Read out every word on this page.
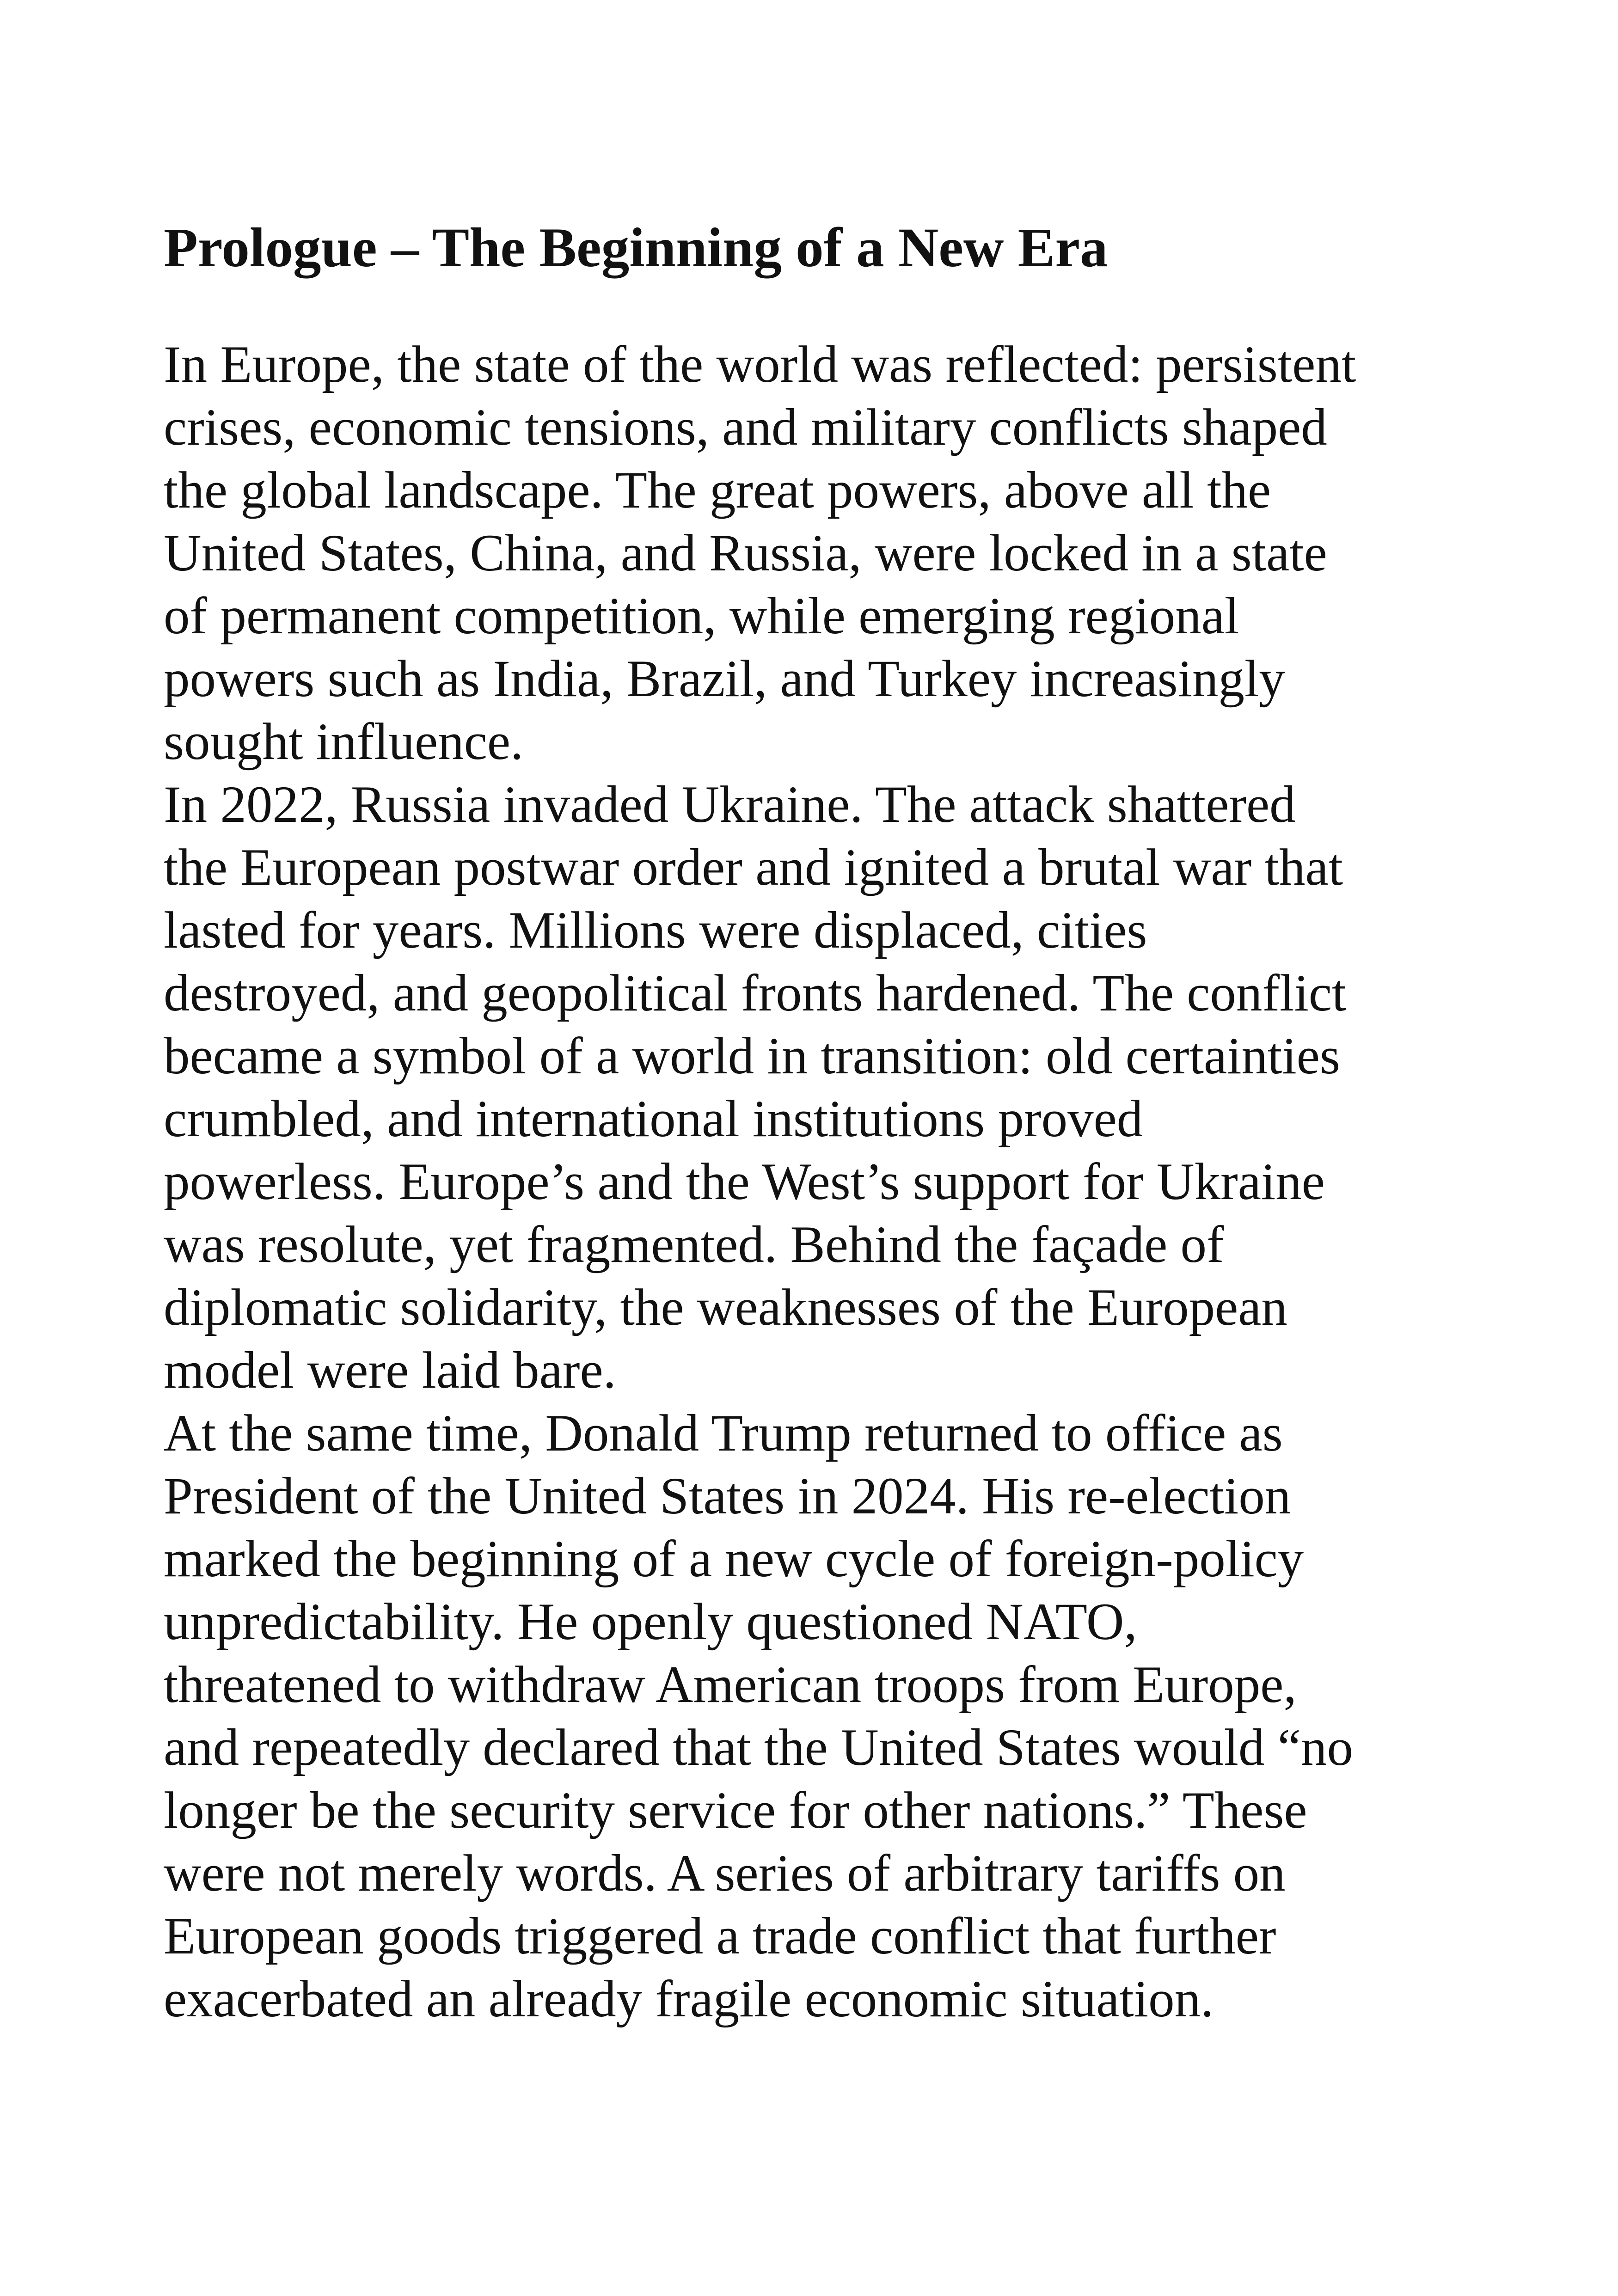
Prologue – The Beginning of a New Era

In Europe, the state of the world was reflected: persistent
crises, economic tensions, and military conflicts shaped
the global landscape. The great powers, above all the
United States, China, and Russia, were locked in a state
of permanent competition, while emerging regional
powers such as India, Brazil, and Turkey increasingly
sought influence.

In 2022, Russia invaded Ukraine. The attack shattered
the European postwar order and ignited a brutal war that
lasted for years. Millions were displaced, cities
destroyed, and geopolitical fronts hardened. The conflict
became a symbol of a world in transition: old certainties
crumbled, and international institutions proved
powerless. Europe’s and the West’s support for Ukraine
was resolute, yet fragmented. Behind the façade of
diplomatic solidarity, the weaknesses of the European
model were laid bare.

At the same time, Donald Trump returned to office as
President of the United States in 2024. His re-election
marked the beginning of a new cycle of foreign-policy
unpredictability. He openly questioned NATO,
threatened to withdraw American troops from Europe,
and repeatedly declared that the United States would “no
longer be the security service for other nations.” These
were not merely words. A series of arbitrary tariffs on
European goods triggered a trade conflict that further
exacerbated an already fragile economic situation.
